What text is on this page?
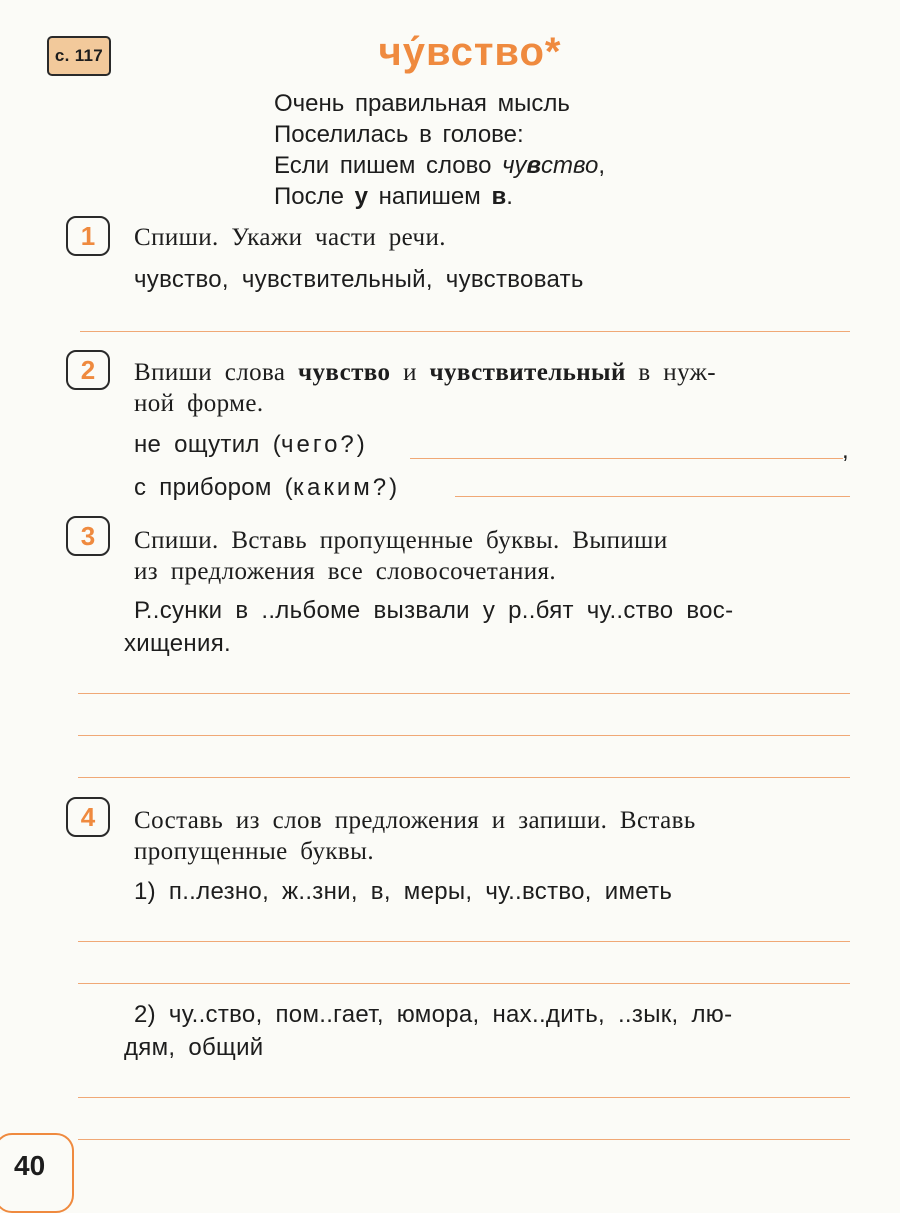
с. 117	чу́вство*
Очень правильная мысль
Поселилась в голове:
Если пишем слово чувство,
После у напишем в.
1 Спиши. Укажи части речи.
чувство, чувствительный, чувствовать
2 Впиши слова чувство и чувствительный в нуж-
ной форме.
не ощутил (чего?)	,
с прибором (каким?)
3 Спиши. Вставь пропущенные буквы. Выпиши
из предложения все словосочетания.
Р..сунки в ..льбоме вызвали у р..бят чу..ство вос-
хищения.
4 Составь из слов предложения и запиши. Вставь
пропущенные буквы.
1) п..лезно, ж..зни, в, меры, чу..вство, иметь
2) чу..ство, пом..гает, юмора, нах..дить, ..зык, лю-
дям, общий
40
